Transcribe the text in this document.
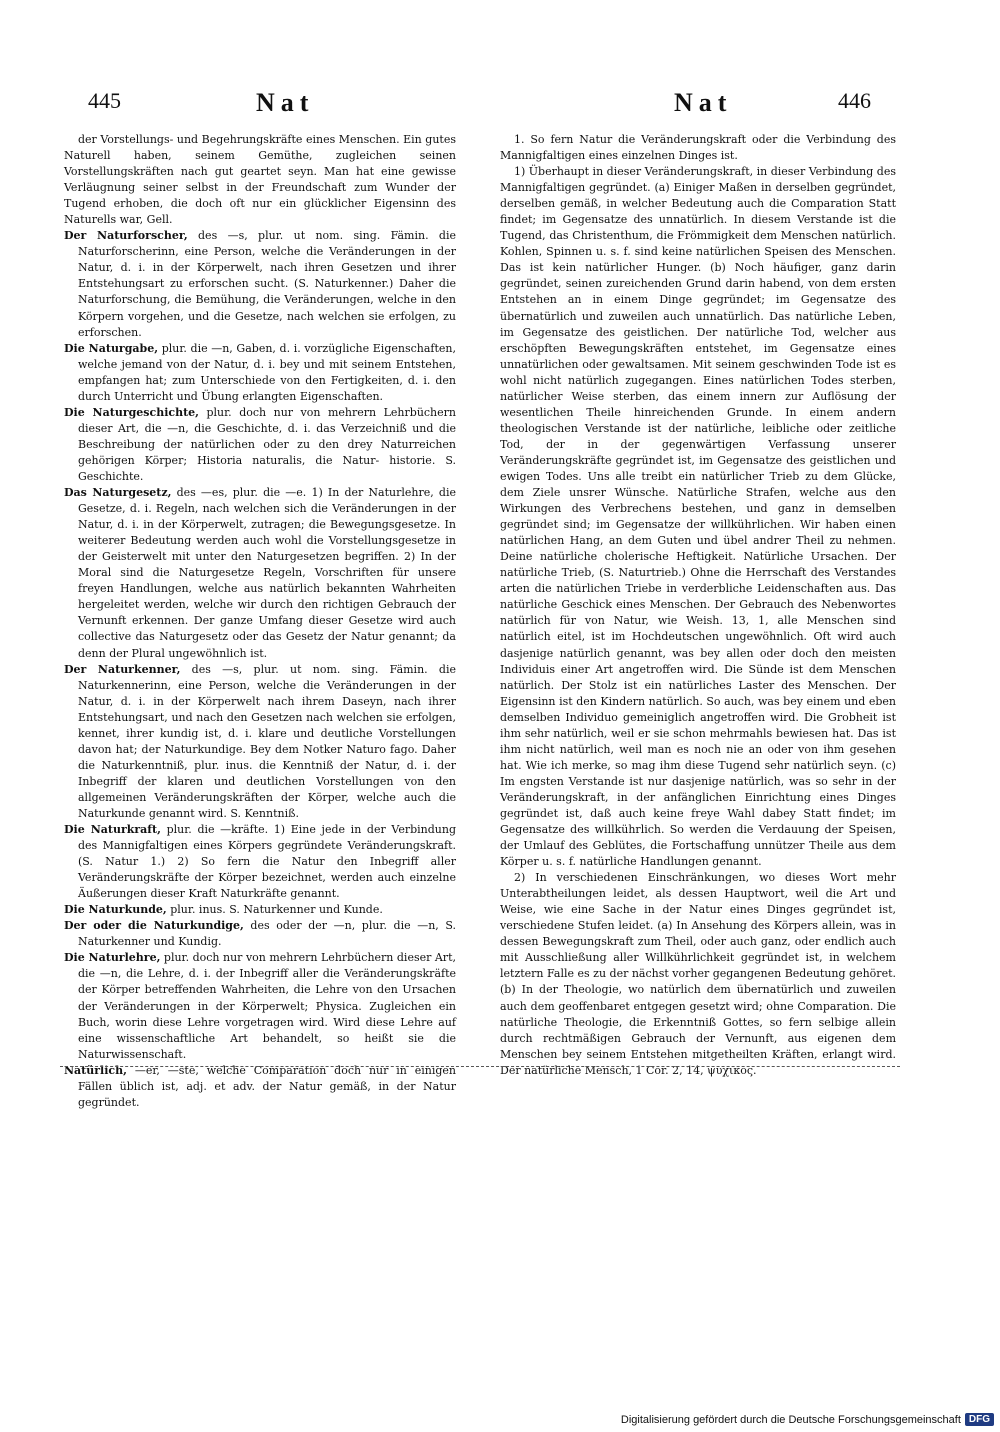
445	Nat	Nat	446

der Vorstellungs- und Begehrungskräfte eines Menschen. Ein gutes Naturell haben, seinem Gemüthe, zugleichen seinen Vorstellungskräften nach gut geartet seyn. Man hat eine gewisse Verläugnung seiner selbst in der Freundschaft zum Wunder der Tugend erhoben, die doch oft nur ein glücklicher Eigensinn des Naturells war, Gell.

Der Naturforscher, des —s, plur. ut nom. sing. Fämin. die Naturforscherinn, eine Person, welche die Veränderungen in der Natur, d. i. in der Körperwelt, nach ihren Gesetzen und ihrer Entstehungsart zu erforschen sucht. (S. Naturkenner.) Daher die Naturforschung, die Bemühung, die Veränderungen, welche in den Körpern vorgehen, und die Gesetze, nach welchen sie erfolgen, zu erforschen.

Die Naturgabe, plur. die —n, Gaben, d. i. vorzügliche Eigenschaften, welche jemand von der Natur, d. i. bey und mit seinem Entstehen, empfangen hat; zum Unterschiede von den Fertigkeiten, d. i. den durch Unterricht und Übung erlangten Eigenschaften.

Die Naturgeschichte, plur. doch nur von mehrern Lehrbüchern dieser Art, die —n, die Geschichte, d. i. das Verzeichniß und die Beschreibung der natürlichen oder zu den drey Naturreichen gehörigen Körper; Historia naturalis, die Natur- historie. S. Geschichte.

Das Naturgesetz, des —es, plur. die —e. 1) In der Naturlehre, die Gesetze, d. i. Regeln, nach welchen sich die Veränderungen in der Natur, d. i. in der Körperwelt, zutragen; die Bewegungsgesetze. In weiterer Bedeutung werden auch wohl die Vorstellungsgesetze in der Geisterwelt mit unter den Naturgesetzen begriffen. 2) In der Moral sind die Naturgesetze Regeln, Vorschriften für unsere freyen Handlungen, welche aus natürlich bekannten Wahrheiten hergeleitet werden, welche wir durch den richtigen Gebrauch der Vernunft erkennen. Der ganze Umfang dieser Gesetze wird auch collective das Naturgesetz oder das Gesetz der Natur genannt; da denn der Plural ungewöhnlich ist.

Der Naturkenner, des —s, plur. ut nom. sing. Fämin. die Naturkennerinn, eine Person, welche die Veränderungen in der Natur, d. i. in der Körperwelt nach ihrem Daseyn, nach ihrer Entstehungsart, und nach den Gesetzen nach welchen sie erfolgen, kennet, ihrer kundig ist, d. i. klare und deutliche Vorstellungen davon hat; der Naturkundige. Bey dem Notker Naturo fago. Daher die Naturkenntniß, plur. inus. die Kenntniß der Natur, d. i. der Inbegriff der klaren und deutlichen Vorstellungen von den allgemeinen Veränderungskräften der Körper, welche auch die Naturkunde genannt wird. S. Kenntniß.

Die Naturkraft, plur. die —kräfte. 1) Eine jede in der Verbindung des Mannigfaltigen eines Körpers gegründete Veränderungskraft. (S. Natur 1.) 2) So fern die Natur den Inbegriff aller Veränderungskräfte der Körper bezeichnet, werden auch einzelne Äußerungen dieser Kraft Naturkräfte genannt.

Die Naturkunde, plur. inus. S. Naturkenner und Kunde.

Der oder die Naturkundige, des oder der —n, plur. die —n, S. Naturkenner und Kundig.

Die Naturlehre, plur. doch nur von mehrern Lehrbüchern dieser Art, die —n, die Lehre, d. i. der Inbegriff aller die Veränderungskräfte der Körper betreffenden Wahrheiten, die Lehre von den Ursachen der Veränderungen in der Körperwelt; Physica. Zugleichen ein Buch, worin diese Lehre vorgetragen wird. Wird diese Lehre auf eine wissenschaftliche Art behandelt, so heißt sie die Naturwissenschaft.

Natürlich, —er, —ste, welche Comparation doch nur in einigen Fällen üblich ist, adj. et adv. der Natur gemäß, in der Natur gegründet.

1. So fern Natur die Veränderungskraft oder die Verbindung des Mannigfaltigen eines einzelnen Dinges ist.

1) Überhaupt in dieser Veränderungskraft, in dieser Verbindung des Mannigfaltigen gegründet. (a) Einiger Maßen in derselben gegründet, derselben gemäß, in welcher Bedeutung auch die Comparation Statt findet; im Gegensatze des unnatürlich. In diesem Verstande ist die Tugend, das Christenthum, die Frömmigkeit dem Menschen natürlich. Kohlen, Spinnen u. s. f. sind keine natürlichen Speisen des Menschen. Das ist kein natürlicher Hunger. (b) Noch häufiger, ganz darin gegründet, seinen zureichenden Grund darin habend, von dem ersten Entstehen an in einem Dinge gegründet; im Gegensatze des übernatürlich und zuweilen auch unnatürlich. Das natürliche Leben, im Gegensatze des geistlichen. Der natürliche Tod, welcher aus erschöpften Bewegungskräften entstehet, im Gegensatze eines unnatürlichen oder gewaltsamen. Mit seinem geschwinden Tode ist es wohl nicht natürlich zugegangen. Eines natürlichen Todes sterben, natürlicher Weise sterben, das einem innern zur Auflösung der wesentlichen Theile hinreichenden Grunde. In einem andern theologischen Verstande ist der natürliche, leibliche oder zeitliche Tod, der in der gegenwärtigen Verfassung unserer Veränderungskräfte gegründet ist, im Gegensatze des geistlichen und ewigen Todes. Uns alle treibt ein natürlicher Trieb zu dem Glücke, dem Ziele unsrer Wünsche. Natürliche Strafen, welche aus den Wirkungen des Verbrechens bestehen, und ganz in demselben gegründet sind; im Gegensatze der willkührlichen. Wir haben einen natürlichen Hang, an dem Guten und übel andrer Theil zu nehmen. Deine natürliche cholerische Heftigkeit. Natürliche Ursachen. Der natürliche Trieb, (S. Naturtrieb.) Ohne die Herrschaft des Verstandes arten die natürlichen Triebe in verderbliche Leidenschaften aus. Das natürliche Geschick eines Menschen. Der Gebrauch des Nebenwortes natürlich für von Natur, wie Weish. 13, 1, alle Menschen sind natürlich eitel, ist im Hochdeutschen ungewöhnlich. Oft wird auch dasjenige natürlich genannt, was bey allen oder doch den meisten Individuis einer Art angetroffen wird. Die Sünde ist dem Menschen natürlich. Der Stolz ist ein natürliches Laster des Menschen. Der Eigensinn ist den Kindern natürlich. So auch, was bey einem und eben demselben Individuo gemeiniglich angetroffen wird. Die Grobheit ist ihm sehr natürlich, weil er sie schon mehrmahls bewiesen hat. Das ist ihm nicht natürlich, weil man es noch nie an oder von ihm gesehen hat. Wie ich merke, so mag ihm diese Tugend sehr natürlich seyn. (c) Im engsten Verstande ist nur dasjenige natürlich, was so sehr in der Veränderungskraft, in der anfänglichen Einrichtung eines Dinges gegründet ist, daß auch keine freye Wahl dabey Statt findet; im Gegensatze des willkührlich. So werden die Verdauung der Speisen, der Umlauf des Geblütes, die Fortschaffung unnützer Theile aus dem Körper u. s. f. natürliche Handlungen genannt.

2) In verschiedenen Einschränkungen, wo dieses Wort mehr Unterabtheilungen leidet, als dessen Hauptwort, weil die Art und Weise, wie eine Sache in der Natur eines Dinges gegründet ist, verschiedene Stufen leidet. (a) In Ansehung des Körpers allein, was in dessen Bewegungskraft zum Theil, oder auch ganz, oder endlich auch mit Ausschließung aller Willkührlichkeit gegründet ist, in welchem letztern Falle es zu der nächst vorher gegangenen Bedeutung gehöret. (b) In der Theologie, wo natürlich dem übernatürlich und zuweilen auch dem geoffenbaret entgegen gesetzt wird; ohne Comparation. Die natürliche Theologie, die Erkenntniß Gottes, so fern selbige allein durch rechtmäßigen Gebrauch der Vernunft, aus eigenen dem Menschen bey seinem Entstehen mitgetheilten Kräften, erlangt wird. Der natürliche Mensch, 1 Cor. 2, 14, ψυχικος.

Digitalisierung gefördert durch die Deutsche Forschungsgemeinschaft DFG
